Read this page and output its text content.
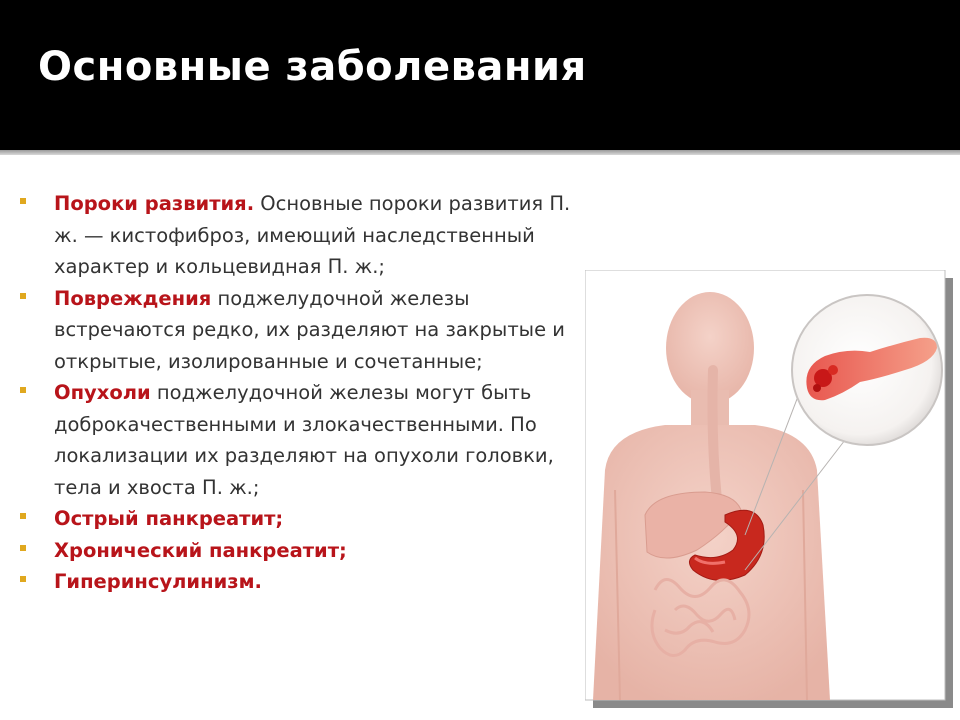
Основные заболевания

Пороки развития. Основные пороки развития П. ж. — кистофиброз, имеющий наследственный характер и кольцевидная П. ж.;

Повреждения поджелудочной железы встречаются редко, их разделяют на закрытые и открытые, изолированные и сочетанные;

Опухоли поджелудочной железы могут быть доброкачественными и злокачественными. По локализации их разделяют на опухоли головки, тела и хвоста П. ж.;

Острый панкреатит;

Хронический панкреатит;

Гиперинсулинизм.
